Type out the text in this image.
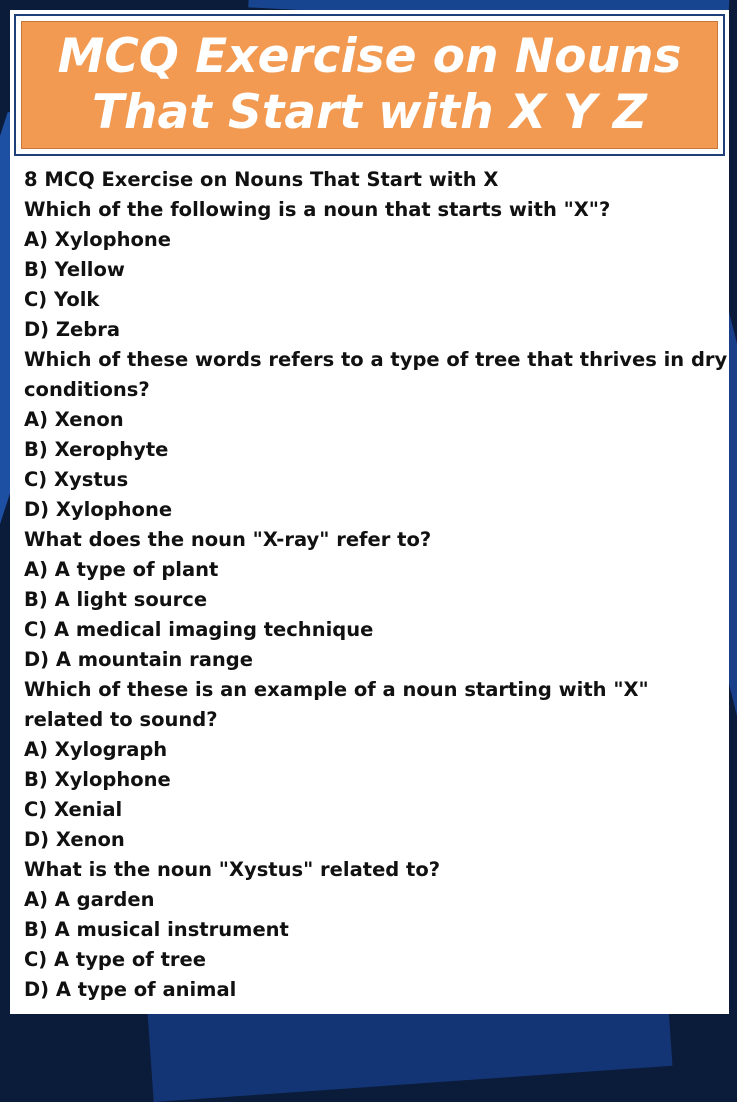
MCQ Exercise on Nouns
That Start with X Y Z
8 MCQ Exercise on Nouns That Start with X
Which of the following is a noun that starts with "X"?
A) Xylophone
B) Yellow
C) Yolk
D) Zebra
Which of these words refers to a type of tree that thrives in dry conditions?
A) Xenon
B) Xerophyte
C) Xystus
D) Xylophone
What does the noun "X-ray" refer to?
A) A type of plant
B) A light source
C) A medical imaging technique
D) A mountain range
Which of these is an example of a noun starting with "X" related to sound?
A) Xylograph
B) Xylophone
C) Xenial
D) Xenon
What is the noun "Xystus" related to?
A) A garden
B) A musical instrument
C) A type of tree
D) A type of animal
